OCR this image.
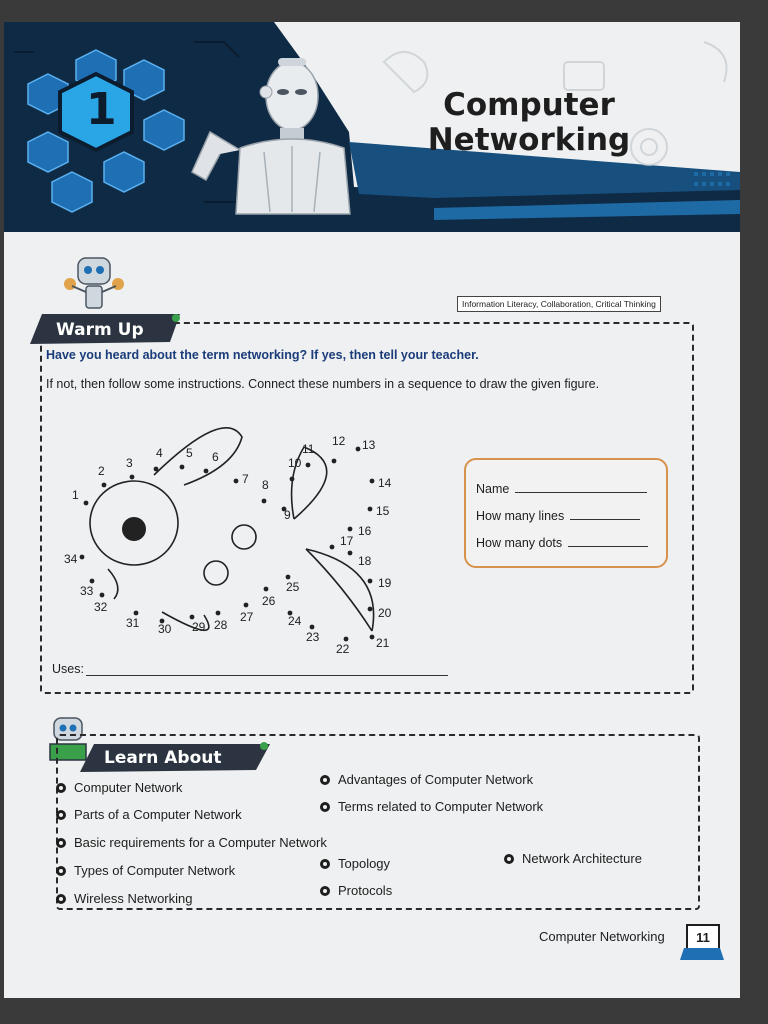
1	Computer Networking
Information Literacy, Collaboration, Critical Thinking
Warm Up
Have you heard about the term networking? If yes, then tell your teacher.
If not, then follow some instructions. Connect these numbers in a sequence to draw the given figure.
1
2
3
4 5 6
7 8
9
10
11
12 13
14
15
16
17
18
19
20
21
22
23
24
25
26
27
28
29
30
31
32
33
34
Name
How many lines
How many dots
Uses:
Learn About
Computer Network
Parts of a Computer Network
Basic requirements for a Computer Network
Types of Computer Network
Wireless Networking
Advantages of Computer Network
Terms related to Computer Network
Topology
Protocols
Network Architecture
Computer Networking	11
